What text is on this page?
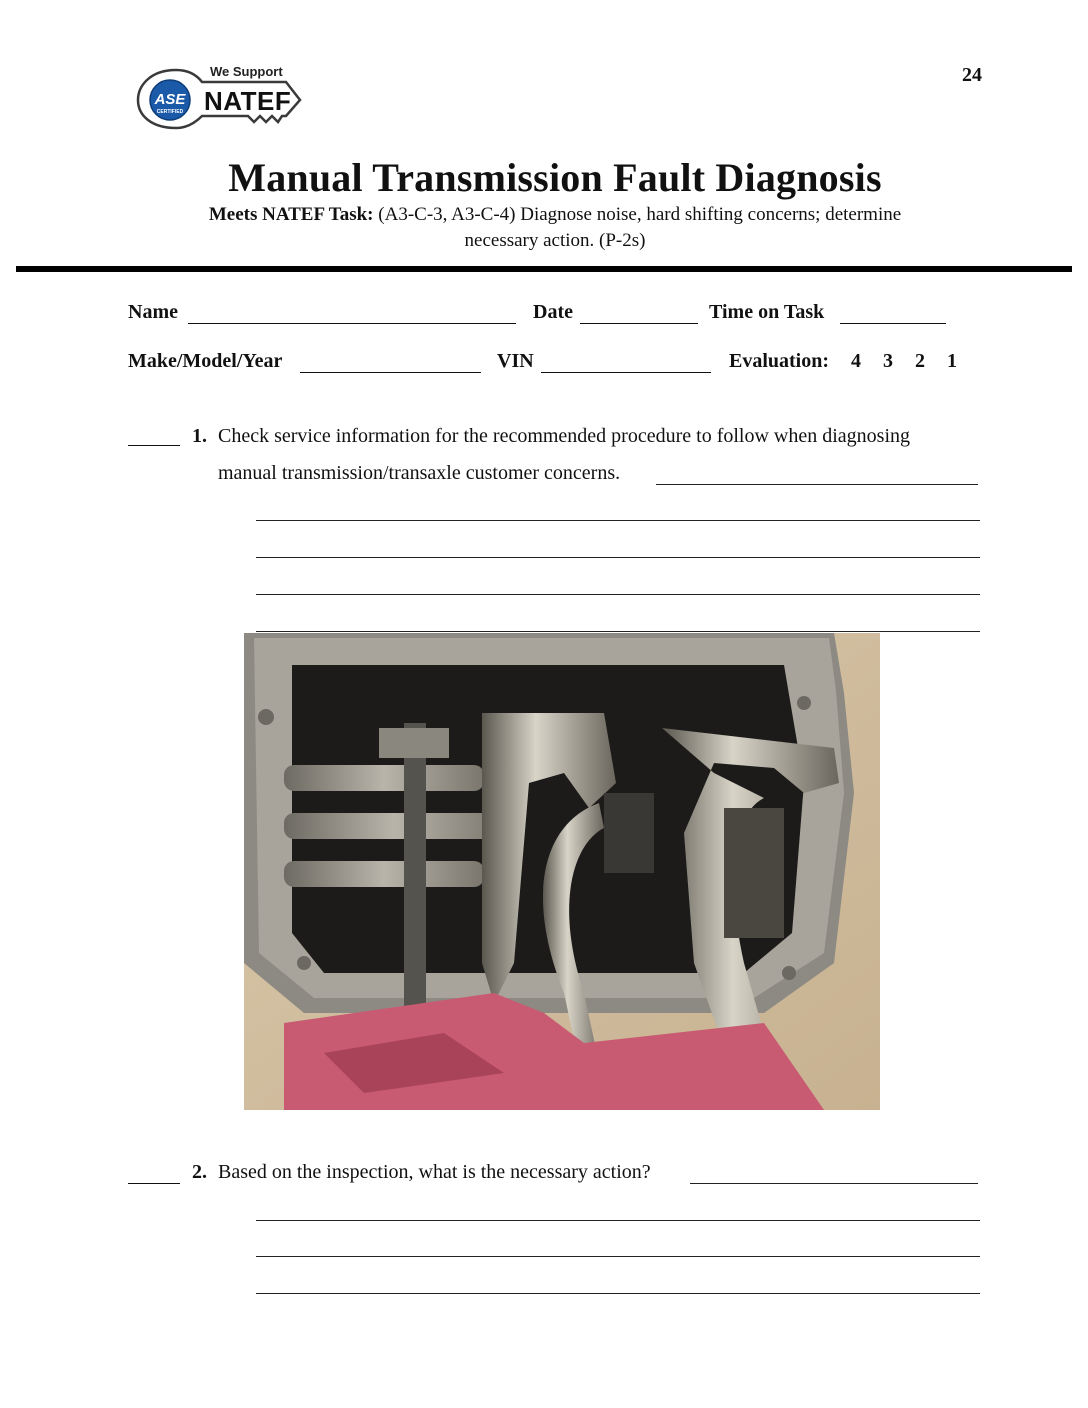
24
We Support
NATEF
ASE
CERTIFIED
Manual Transmission Fault Diagnosis
Meets NATEF Task: (A3-C-3, A3-C-4) Diagnose noise, hard shifting concerns; determine
necessary action. (P-2s)
Name	Date	Time on Task
Make/Model/Year	VIN	Evaluation: 4 3 2 1
1. Check service information for the recommended procedure to follow when diagnosing
manual transmission/transaxle customer concerns.
2. Based on the inspection, what is the necessary action?
